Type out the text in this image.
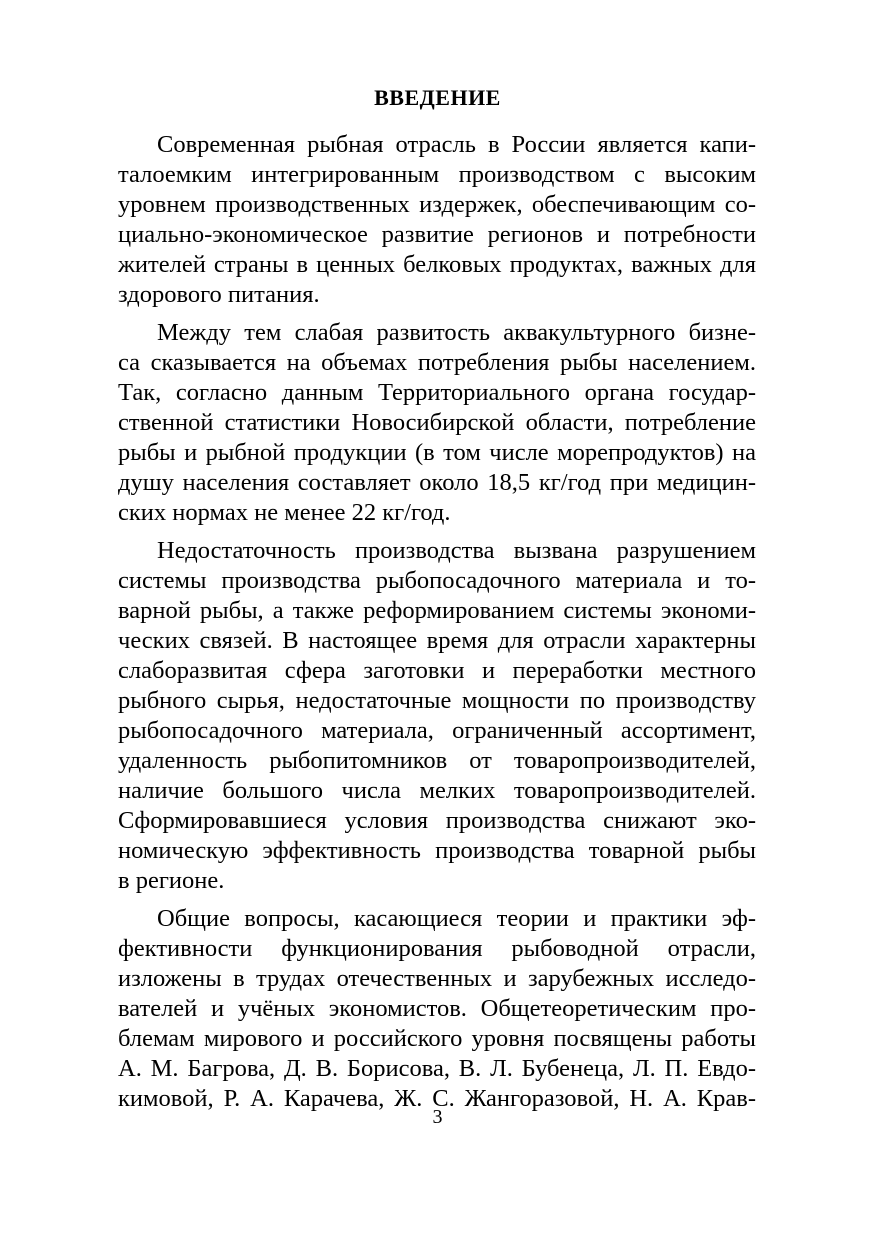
ВВЕДЕНИЕ
Современная рыбная отрасль в России является капи-
талоемким интегрированным производством с высоким
уровнем производственных издержек, обеспечивающим со-
циально-экономическое развитие регионов и потребности
жителей страны в ценных белковых продуктах, важных для
здорового питания.
Между тем слабая развитость аквакультурного бизне-
са сказывается на объемах потребления рыбы населением.
Так, согласно данным Территориального органа государ-
ственной статистики Новосибирской области, потребление
рыбы и рыбной продукции (в том числе морепродуктов) на
душу населения составляет около 18,5 кг/год при медицин-
ских нормах не менее 22 кг/год.
Недостаточность производства вызвана разрушением
системы производства рыбопосадочного материала и то-
варной рыбы, а также реформированием системы экономи-
ческих связей. В настоящее время для отрасли характерны
слаборазвитая сфера заготовки и переработки местного
рыбного сырья, недостаточные мощности по производству
рыбопосадочного материала, ограниченный ассортимент,
удаленность рыбопитомников от товаропроизводителей,
наличие большого числа мелких товаропроизводителей.
Сформировавшиеся условия производства снижают эко-
номическую эффективность производства товарной рыбы
в регионе.
Общие вопросы, касающиеся теории и практики эф-
фективности функционирования рыбоводной отрасли,
изложены в трудах отечественных и зарубежных исследо-
вателей и учёных экономистов. Общетеоретическим про-
блемам мирового и российского уровня посвящены работы
А. М. Багрова, Д. В. Борисова, В. Л. Бубенеца, Л. П. Евдо-
кимовой, Р. А. Карачева, Ж. С. Жангоразовой, Н. А. Крав-
3
